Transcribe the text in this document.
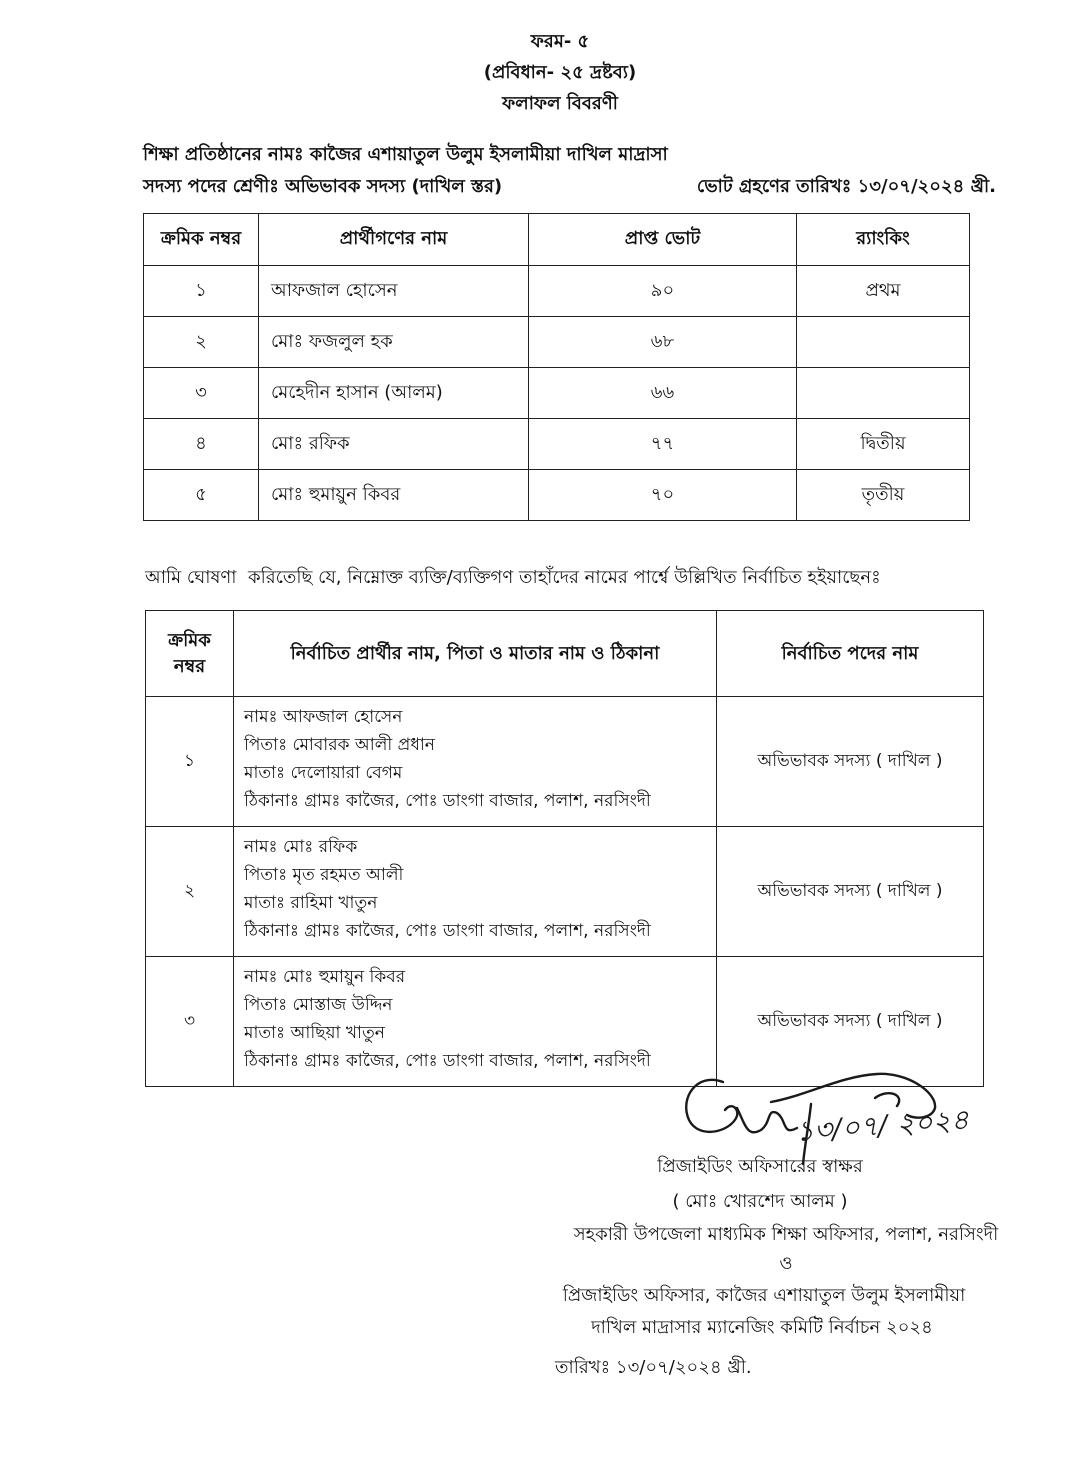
ফরম- ৫
(প্রবিধান- ২৫ দ্রষ্টব্য)
ফলাফল বিবরণী
শিক্ষা প্রতিষ্ঠানের নামঃ কাজৈর এশায়াতুল উলুম ইসলামীয়া দাখিল মাদ্রাসা
সদস্য পদের শ্রেণীঃ অভিভাবক সদস্য (দাখিল স্তর)	ভোট গ্রহণের তারিখঃ ১৩/০৭/২০২৪ খ্রী.
ক্রমিক নম্বর	প্রার্থীগণের নাম	প্রাপ্ত ভোট	র‍্যাংকিং
১	আফজাল হোসেন	৯০	প্রথম
২	মোঃ ফজলুল হক	৬৮	
৩	মেহেদীন হাসান (আলম)	৬৬	
৪	মোঃ রফিক	৭৭	দ্বিতীয়
৫	মোঃ হুমায়ুন কিবর	৭০	তৃতীয়
আমি ঘোষণা  করিতেছি যে, নিম্নোক্ত ব্যক্তি/ব্যক্তিগণ তাহাঁদের নামের পার্শ্বে উল্লিখিত নির্বাচিত হইয়াছেনঃ
ক্রমিক
নম্বর	নির্বাচিত প্রার্থীর নাম, পিতা ও মাতার নাম ও ঠিকানা	নির্বাচিত পদের নাম
১	নামঃ আফজাল হোসেন
পিতাঃ মোবারক আলী প্রধান
মাতাঃ দেলোয়ারা বেগম
ঠিকানাঃ গ্রামঃ কাজৈর, পোঃ ডাংগা বাজার, পলাশ, নরসিংদী	অভিভাবক সদস্য ( দাখিল )
২	নামঃ মোঃ রফিক
পিতাঃ মৃত রহমত আলী
মাতাঃ রাহিমা খাতুন
ঠিকানাঃ গ্রামঃ কাজৈর, পোঃ ডাংগা বাজার, পলাশ, নরসিংদী	অভিভাবক সদস্য ( দাখিল )
৩	নামঃ মোঃ হুমায়ুন কিবর
পিতাঃ মোস্তাজ উদ্দিন
মাতাঃ আছিয়া খাতুন
ঠিকানাঃ গ্রামঃ কাজৈর, পোঃ ডাংগা বাজার, পলাশ, নরসিংদী	অভিভাবক সদস্য ( দাখিল )
১৩/০৭/ ২০২৪
প্রিজাইডিং অফিসারের স্বাক্ষর
( মোঃ খোরশেদ আলম )
সহকারী উপজেলা মাধ্যমিক শিক্ষা অফিসার, পলাশ, নরসিংদী
ও
প্রিজাইডিং অফিসার, কাজৈর এশায়াতুল উলুম ইসলামীয়া
দাখিল মাদ্রাসার ম্যানেজিং কমিটি নির্বাচন ২০২৪
তারিখঃ ১৩/০৭/২০২৪ খ্রী.
